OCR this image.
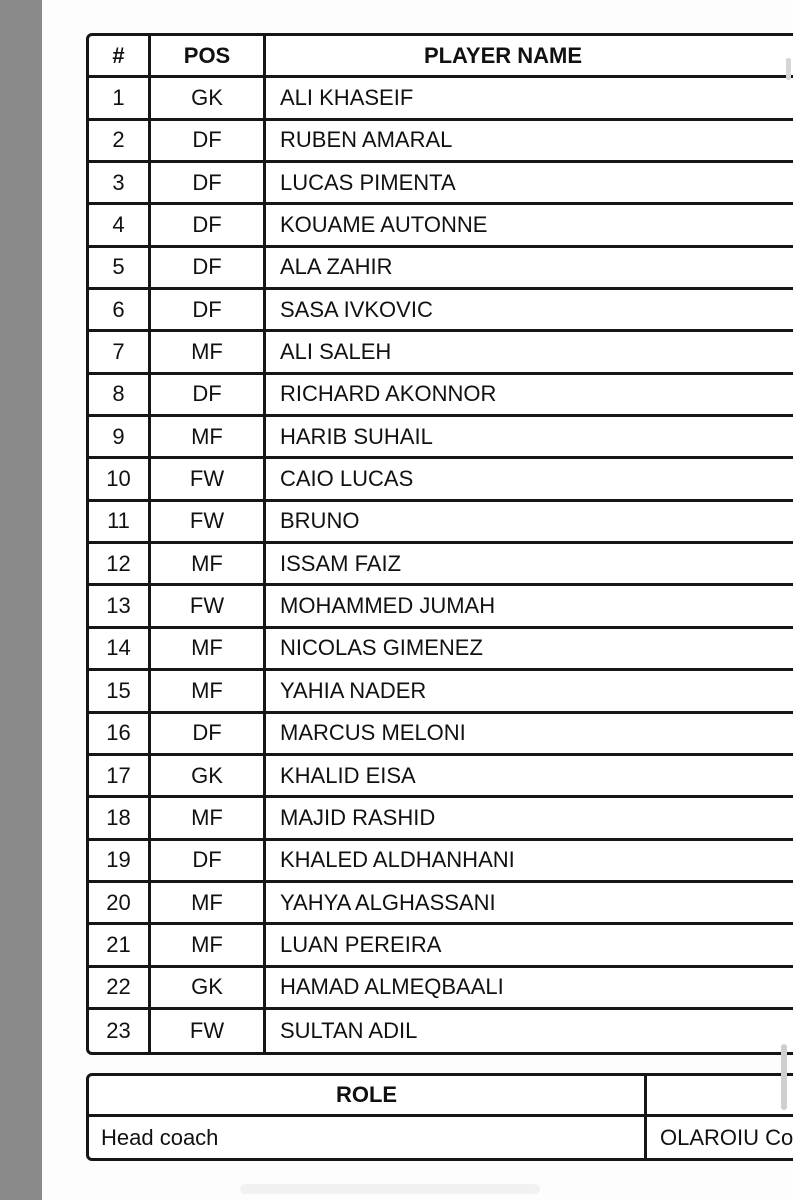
#	POS	PLAYER NAME
1	GK	ALI KHASEIF
2	DF	RUBEN AMARAL
3	DF	LUCAS PIMENTA
4	DF	KOUAME AUTONNE
5	DF	ALA ZAHIR
6	DF	SASA IVKOVIC
7	MF	ALI SALEH
8	DF	RICHARD AKONNOR
9	MF	HARIB SUHAIL
10	FW	CAIO LUCAS
11	FW	BRUNO
12	MF	ISSAM FAIZ
13	FW	MOHAMMED JUMAH
14	MF	NICOLAS GIMENEZ
15	MF	YAHIA NADER
16	DF	MARCUS MELONI
17	GK	KHALID EISA
18	MF	MAJID RASHID
19	DF	KHALED ALDHANHANI
20	MF	YAHYA ALGHASSANI
21	MF	LUAN PEREIRA
22	GK	HAMAD ALMEQBAALI
23	FW	SULTAN ADIL
ROLE
Head coach	OLAROIU Co
